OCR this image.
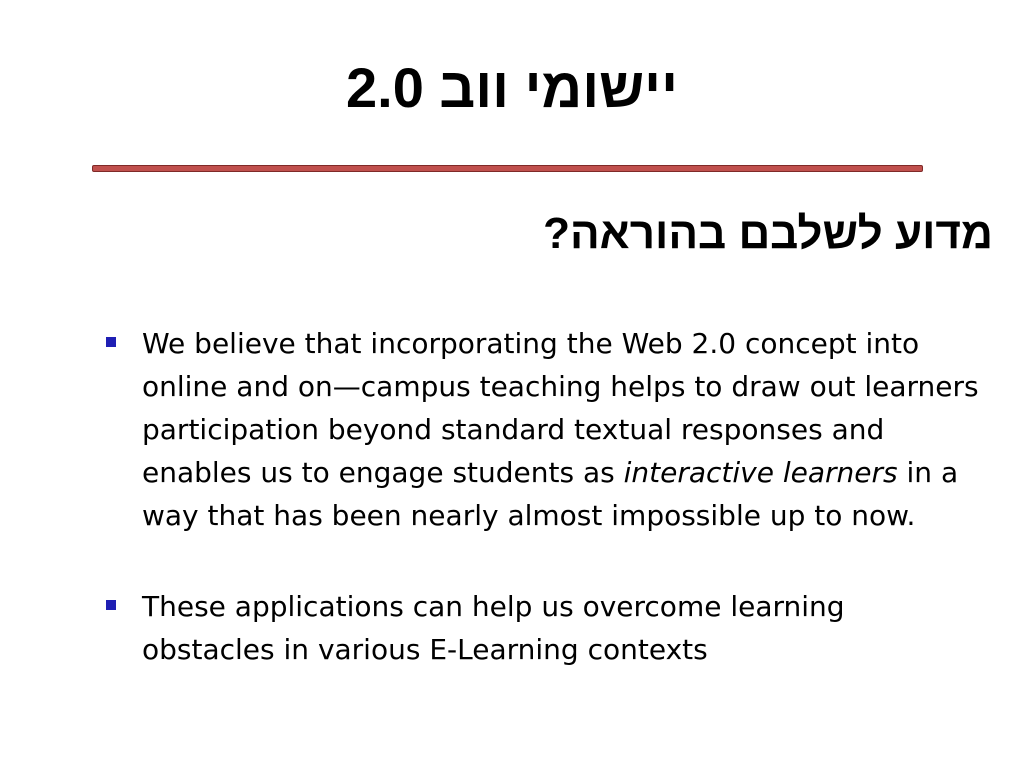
יישומי ווב 2.0
מדוע לשלבם בהוראה?
We believe that incorporating the Web 2.0 concept into online and on—campus teaching helps to draw out learners participation beyond standard textual responses and enables us to engage students as interactive learners in a way that has been nearly almost impossible up to now.
These applications can help us overcome learning obstacles in various E-Learning contexts
